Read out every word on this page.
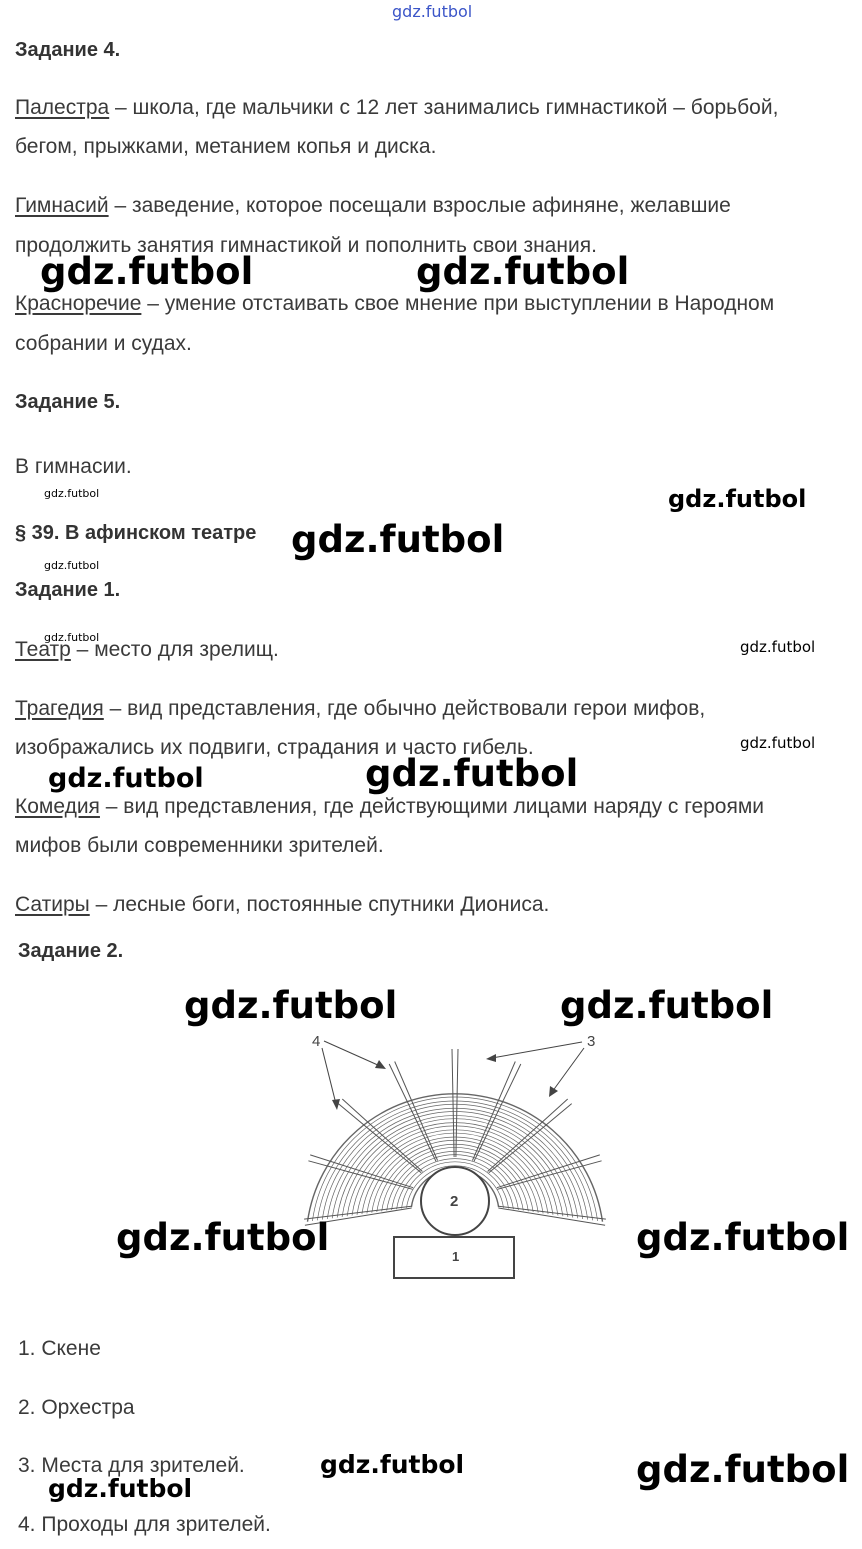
gdz.futbol
Задание 4.
Палестра – школа, где мальчики с 12 лет занимались гимнастикой – борьбой,
бегом, прыжками, метанием копья и диска.
Гимнасий – заведение, которое посещали взрослые афиняне, желавшие
продолжить занятия гимнастикой и пополнить свои знания.
Красноречие – умение отстаивать свое мнение при выступлении в Народном
собрании и судах.
Задание 5.
В гимнасии.
§ 39. В афинском театре
Задание 1.
Театр – место для зрелищ.
Трагедия – вид представления, где обычно действовали герои мифов,
изображались их подвиги, страдания и часто гибель.
Комедия – вид представления, где действующими лицами наряду с героями
мифов были современники зрителей.
Сатиры – лесные боги, постоянные спутники Диониса.
Задание 2.
2
1
3
4
1. Скене
2. Орхестра
3. Места для зрителей.
4. Проходы для зрителей.
gdz.futbol	gdz.futbol
gdz.futbol	gdz.futbol
gdz.futbol
gdz.futbol
gdz.futbol
gdz.futbol
gdz.futbol
gdz.futbol	gdz.futbol
gdz.futbol	gdz.futbol
gdz.futbol	gdz.futbol
gdz.futbol
gdz.futbol	gdz.futbol
